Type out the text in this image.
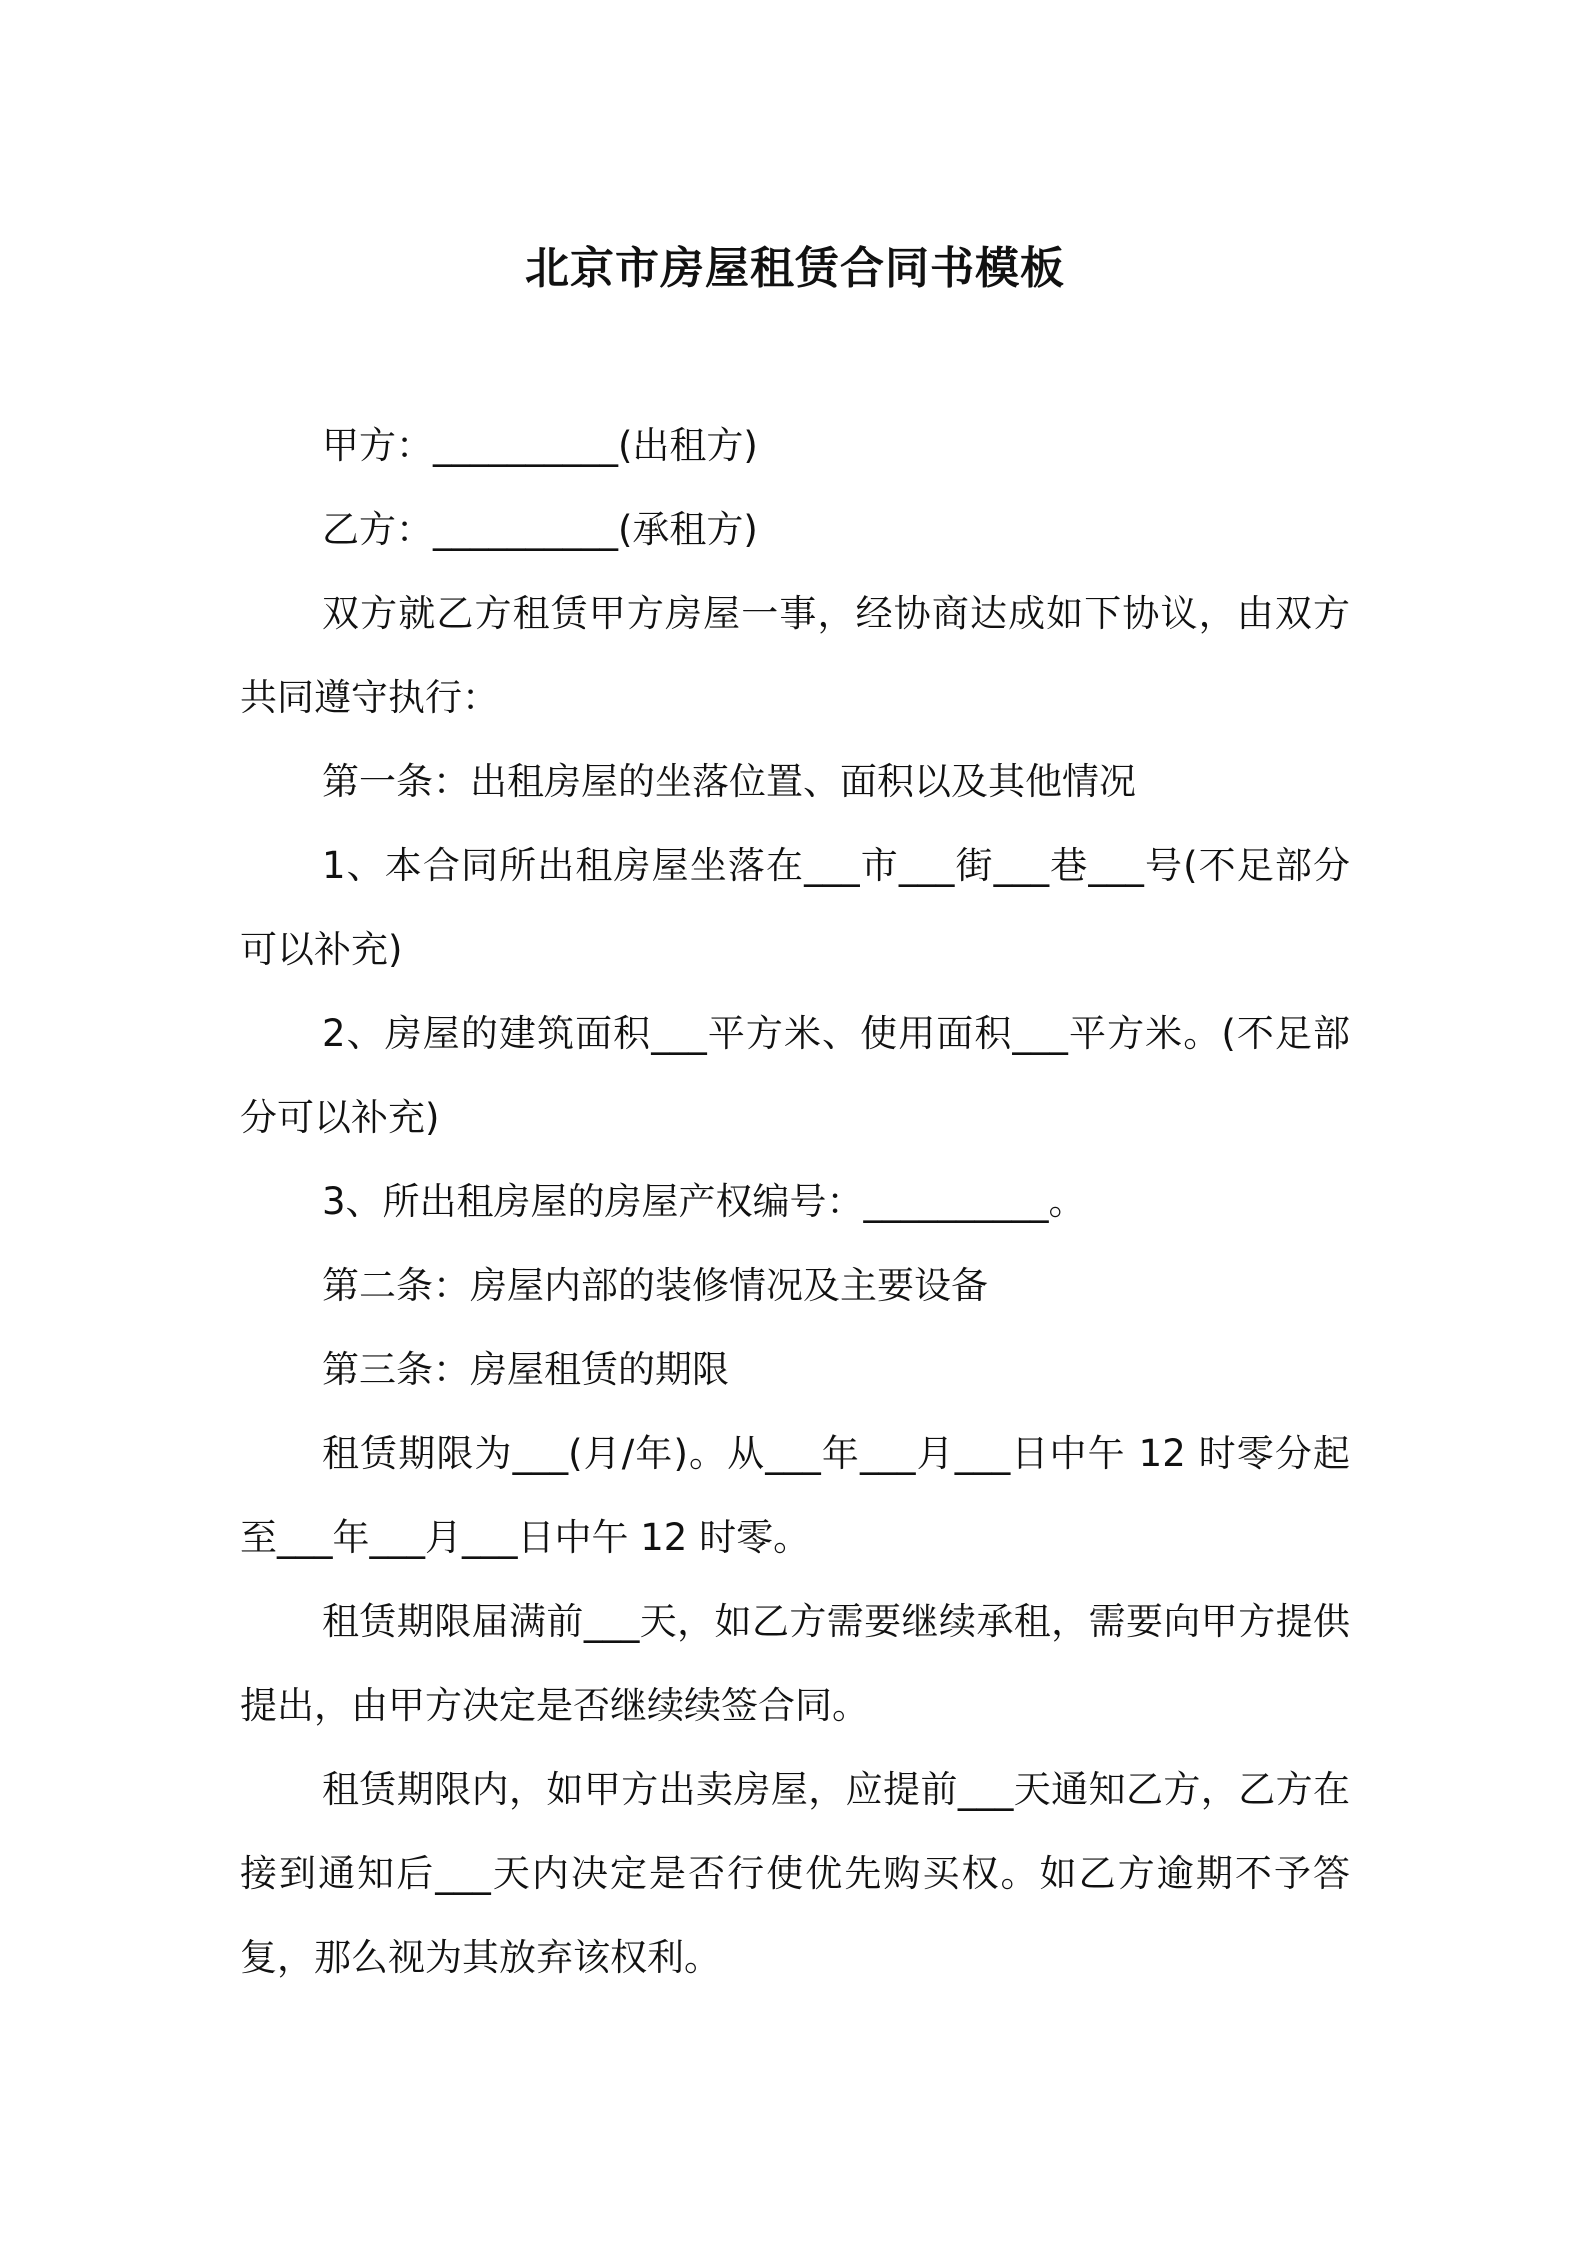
北京市房屋租赁合同书模板

甲方：__________(出租方)

乙方：__________(承租方)

双方就乙方租赁甲方房屋一事，经协商达成如下协议，由双方共同遵守执行：

第一条：出租房屋的坐落位置、面积以及其他情况

1、本合同所出租房屋坐落在___市___街___巷___号(不足部分可以补充)

2、房屋的建筑面积___平方米、使用面积___平方米。(不足部分可以补充)

3、所出租房屋的房屋产权编号：__________。

第二条：房屋内部的装修情况及主要设备

第三条：房屋租赁的期限

租赁期限为___(月/年)。从___年___月___日中午 12 时零分起至___年___月___日中午 12 时零。

租赁期限届满前___天，如乙方需要继续承租，需要向甲方提供提出，由甲方决定是否继续续签合同。

租赁期限内，如甲方出卖房屋，应提前___天通知乙方，乙方在接到通知后___天内决定是否行使优先购买权。如乙方逾期不予答复，那么视为其放弃该权利。
